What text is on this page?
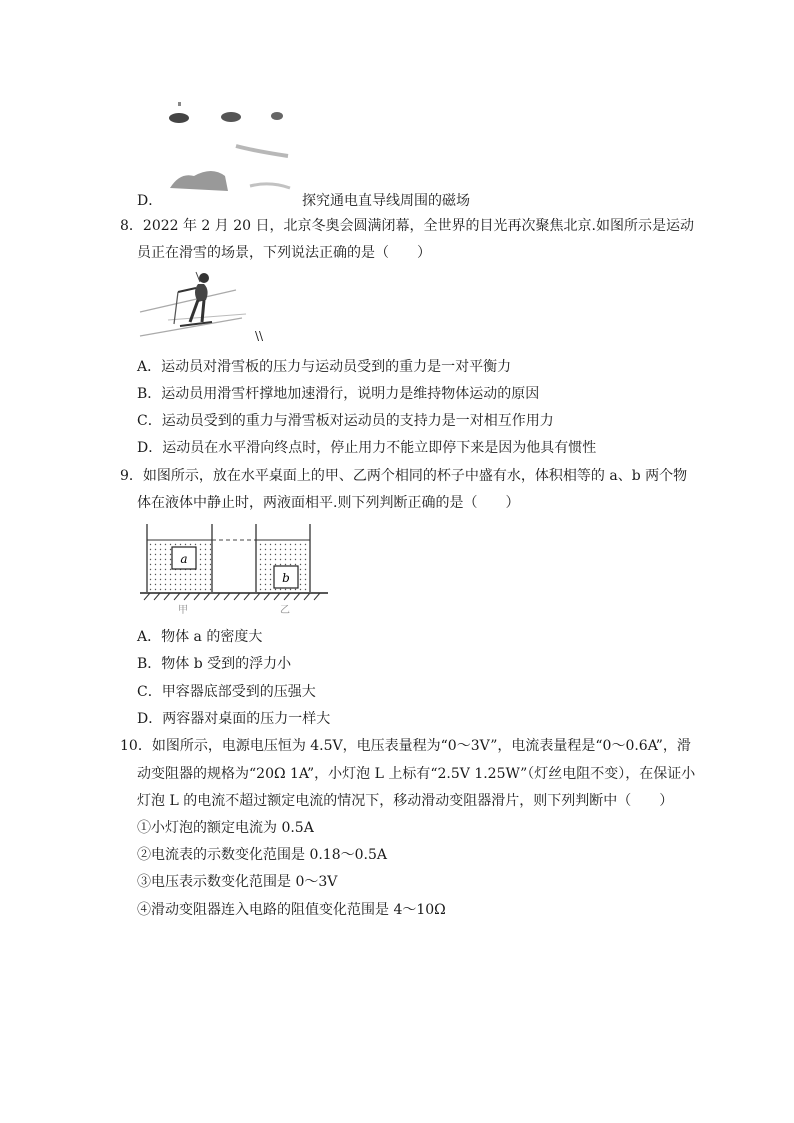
D．	探究通电直导线周围的磁场
8．2022 年 2 月 20 日，北京冬奥会圆满闭幕，全世界的目光再次聚焦北京.如图所示是运动
员正在滑雪的场景，下列说法正确的是（　　）
\\
A．运动员对滑雪板的压力与运动员受到的重力是一对平衡力
B．运动员用滑雪杆撑地加速滑行，说明力是维持物体运动的原因
C．运动员受到的重力与滑雪板对运动员的支持力是一对相互作用力
D．运动员在水平滑向终点时，停止用力不能立即停下来是因为他具有惯性
9．如图所示，放在水平桌面上的甲、乙两个相同的杯子中盛有水，体积相等的 a、b 两个物
体在液体中静止时，两液面相平.则下列判断正确的是（　　）
a
b
甲	乙
A．物体 a 的密度大
B．物体 b 受到的浮力小
C．甲容器底部受到的压强大
D．两容器对桌面的压力一样大
10．如图所示，电源电压恒为 4.5V，电压表量程为“0～3V”，电流表量程是“0～0.6A”，滑
动变阻器的规格为“20Ω 1A”，小灯泡 L 上标有“2.5V 1.25W”（灯丝电阻不变），在保证小
灯泡 L 的电流不超过额定电流的情况下，移动滑动变阻器滑片，则下列判断中（　　）
①小灯泡的额定电流为 0.5A
②电流表的示数变化范围是 0.18～0.5A
③电压表示数变化范围是 0～3V
④滑动变阻器连入电路的阻值变化范围是 4～10Ω
